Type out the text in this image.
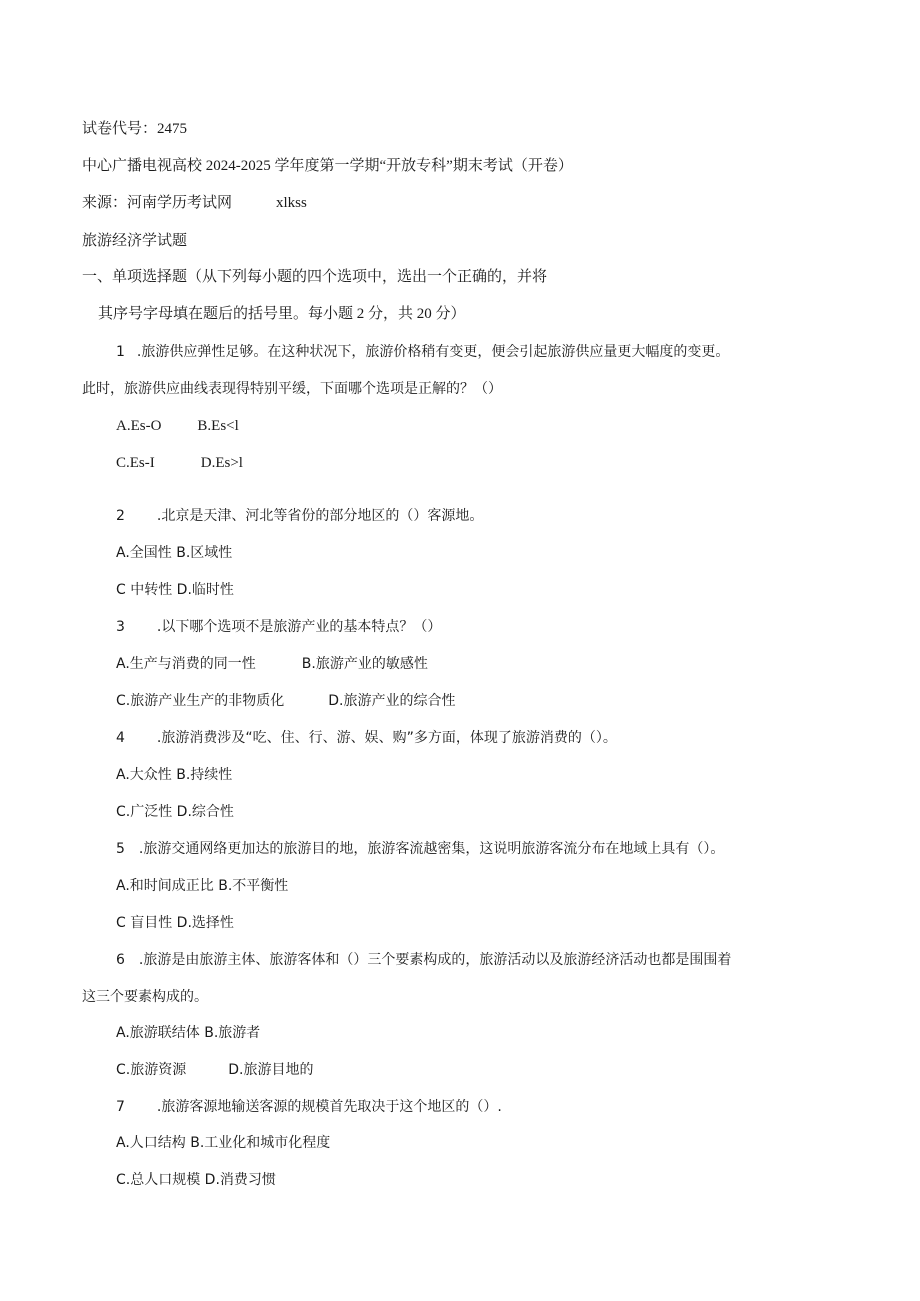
试卷代号：2475
中心广播电视高校 2024-2025 学年度第一学期“开放专科”期末考试（开卷）
来源：河南学历考试网	xlkss
旅游经济学试题
一、单项选择题（从下列每小题的四个选项中，选出一个正确的，并将
其序号字母填在题后的括号里。每小题 2 分，共 20 分）
1 .旅游供应弹性足够。在这种状况下，旅游价格稍有变更，便会引起旅游供应量更大幅度的变更。
此时，旅游供应曲线表现得特别平缓，下面哪个选项是正解的？（）
A.Es-O B.Es<l
C.Es-I	D.Es>l
2 .北京是天津、河北等省份的部分地区的（）客源地。
A.全国性 B.区域性
C 中转性 D.临时性
3 .以下哪个选项不是旅游产业的基本特点？（）
A.生产与消费的同一性	B.旅游产业的敏感性
C.旅游产业生产的非物质化	D.旅游产业的综合性
4 .旅游消费涉及“吃、住、行、游、娱、购”多方面，体现了旅游消费的（）。
A.大众性 B.持续性
C.广泛性 D.综合性
5 .旅游交通网络更加达的旅游目的地，旅游客流越密集，这说明旅游客流分布在地域上具有（）。
A.和时间成正比 B.不平衡性
C 盲目性 D.选择性
6 .旅游是由旅游主体、旅游客体和（）三个要素构成的，旅游活动以及旅游经济活动也都是围围着
这三个要素构成的。
A.旅游联结体 B.旅游者
C.旅游资源	D.旅游目地的
7 .旅游客源地输送客源的规模首先取决于这个地区的（）.
A.人口结构 B.工业化和城市化程度
C.总人口规模 D.消费习惯
